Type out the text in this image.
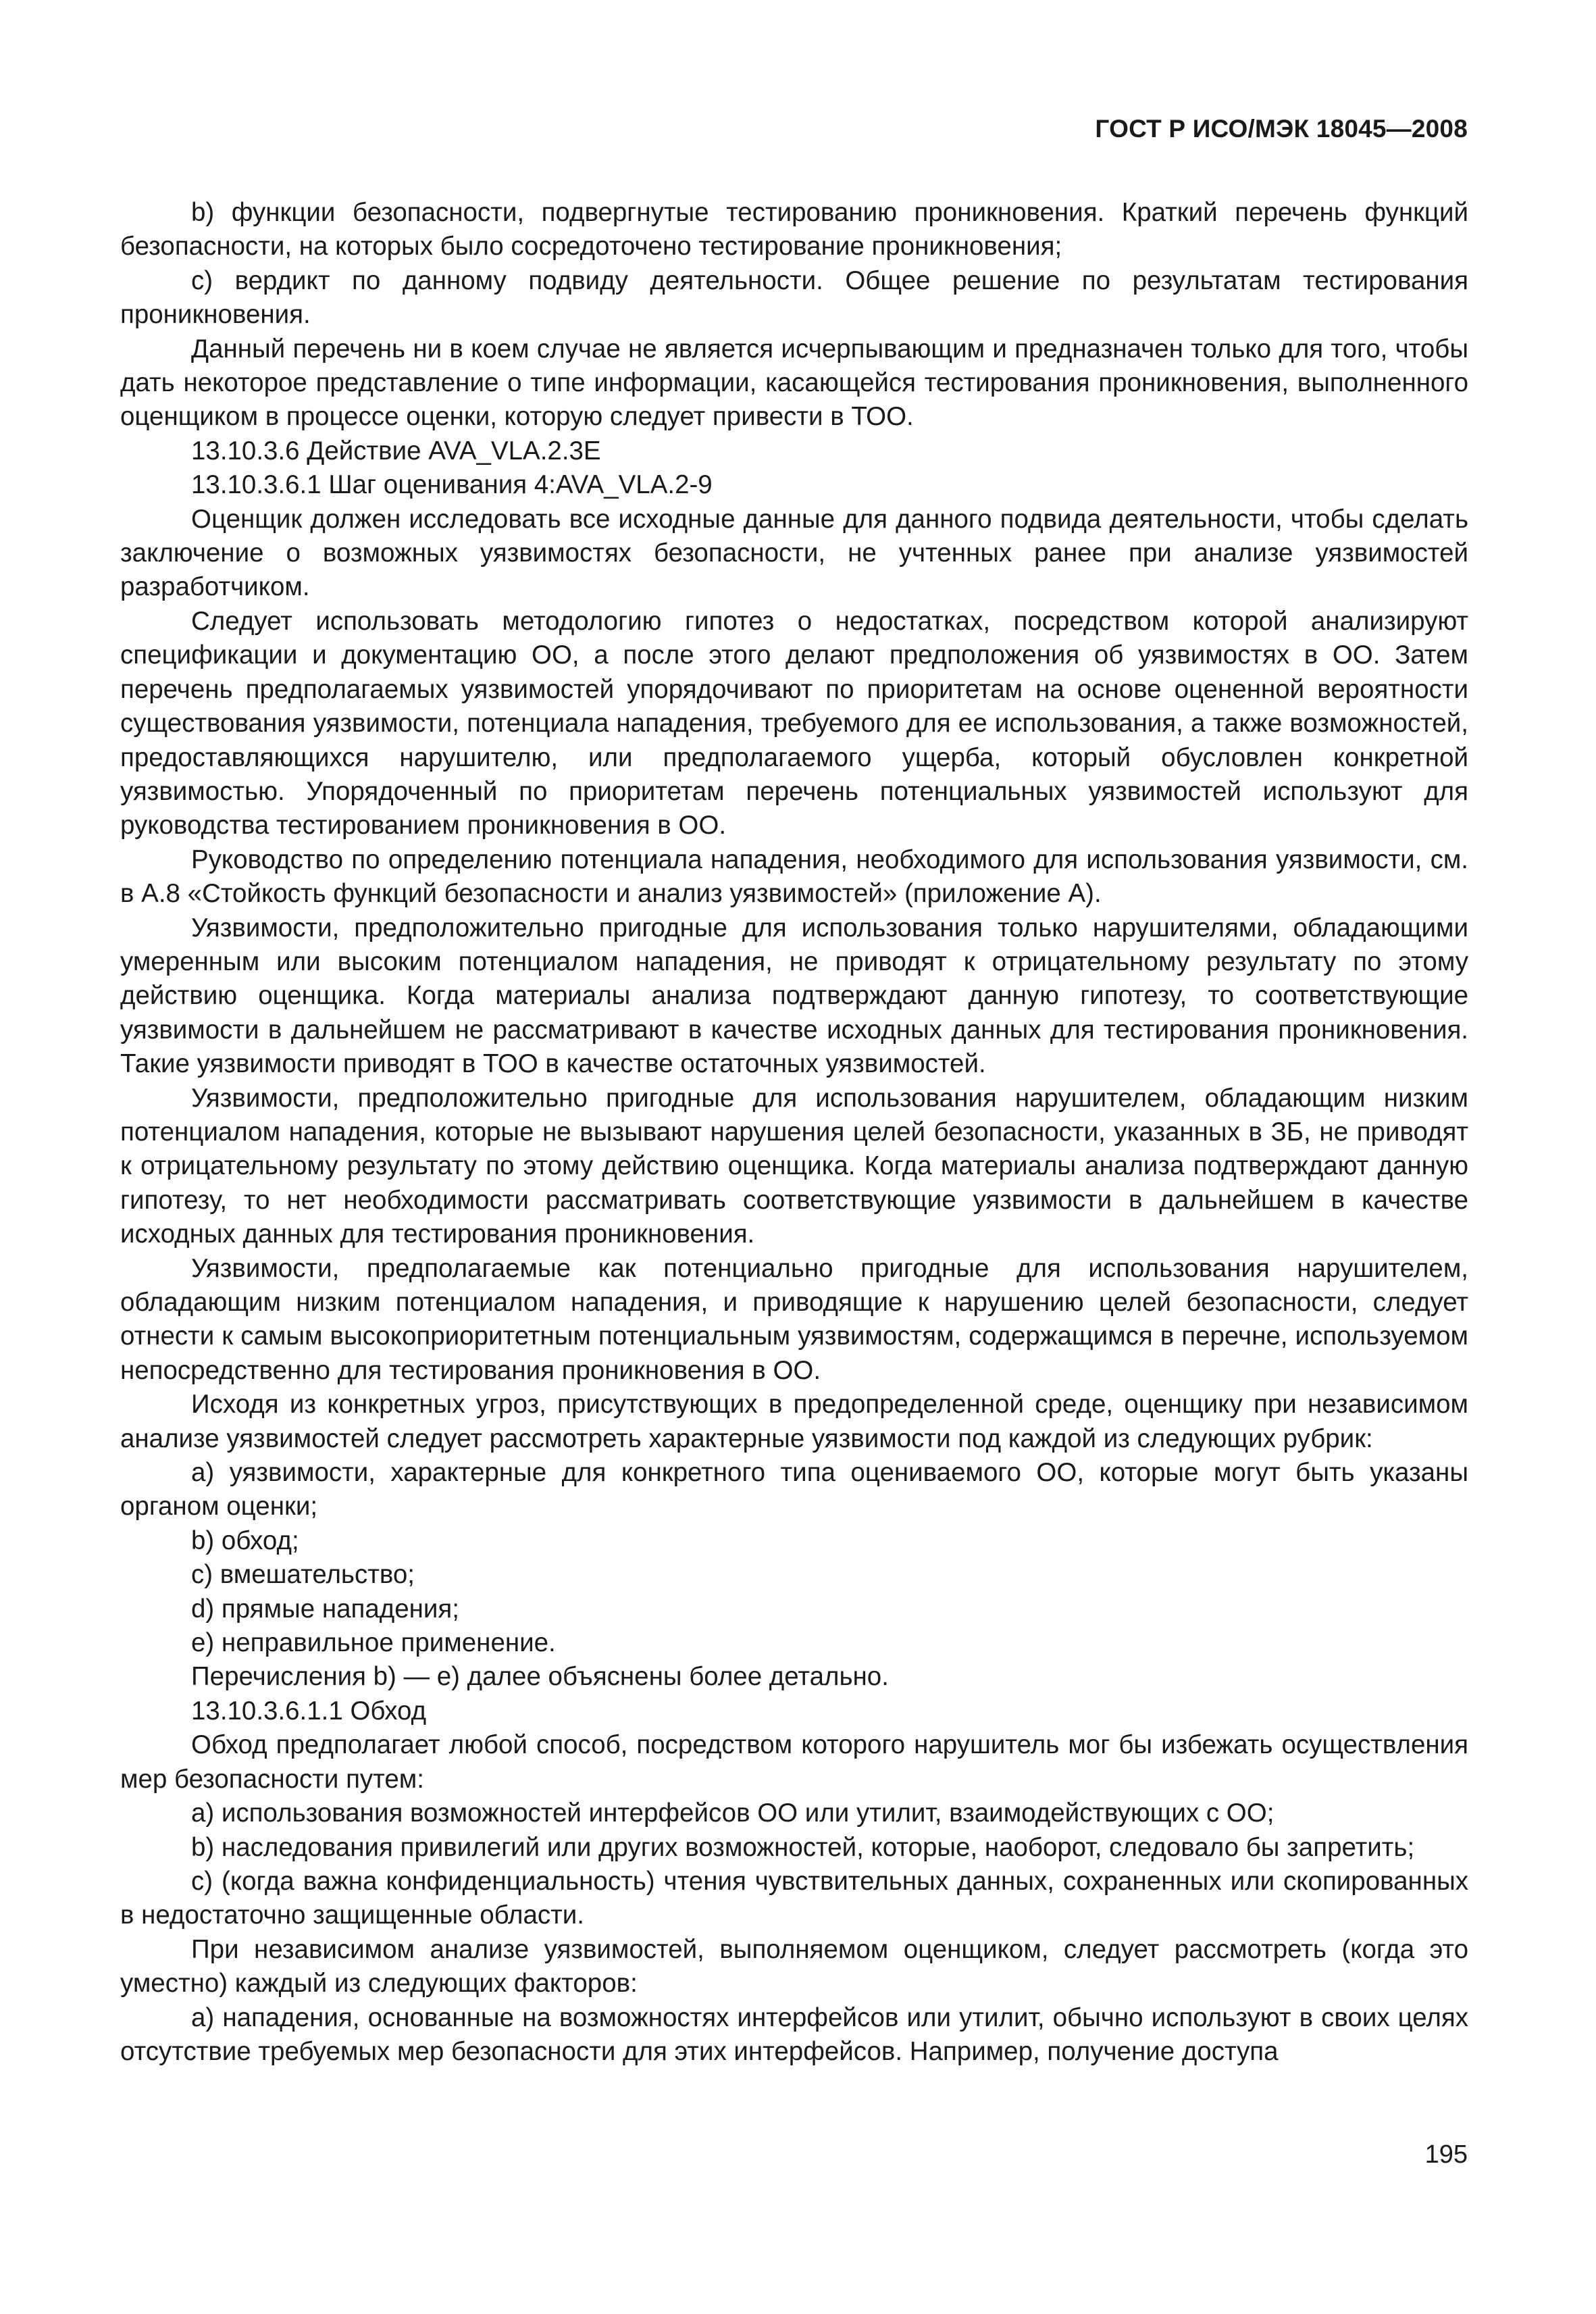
ГОСТ Р ИСО/МЭК 18045—2008

b) функции безопасности, подвергнутые тестированию проникновения. Краткий перечень функций безопасности, на которых было сосредоточено тестирование проникновения;

c) вердикт по данному подвиду деятельности. Общее решение по результатам тестирования проникновения.

Данный перечень ни в коем случае не является исчерпывающим и предназначен только для того, чтобы дать некоторое представление о типе информации, касающейся тестирования проникновения, выполненного оценщиком в процессе оценки, которую следует привести в ТОО.

13.10.3.6 Действие AVA_VLA.2.3E

13.10.3.6.1 Шаг оценивания 4:AVA_VLA.2-9

Оценщик должен исследовать все исходные данные для данного подвида деятельности, чтобы сделать заключение о возможных уязвимостях безопасности, не учтенных ранее при анализе уязвимостей разработчиком.

Следует использовать методологию гипотез о недостатках, посредством которой анализируют спецификации и документацию ОО, а после этого делают предположения об уязвимостях в ОО. Затем перечень предполагаемых уязвимостей упорядочивают по приоритетам на основе оцененной вероятности существования уязвимости, потенциала нападения, требуемого для ее использования, а также возможностей, предоставляющихся нарушителю, или предполагаемого ущерба, который обусловлен конкретной уязвимостью. Упорядоченный по приоритетам перечень потенциальных уязвимостей используют для руководства тестированием проникновения в ОО.

Руководство по определению потенциала нападения, необходимого для использования уязвимости, см. в А.8 «Стойкость функций безопасности и анализ уязвимостей» (приложение А).

Уязвимости, предположительно пригодные для использования только нарушителями, обладающими умеренным или высоким потенциалом нападения, не приводят к отрицательному результату по этому действию оценщика. Когда материалы анализа подтверждают данную гипотезу, то соответствующие уязвимости в дальнейшем не рассматривают в качестве исходных данных для тестирования проникновения. Такие уязвимости приводят в ТОО в качестве остаточных уязвимостей.

Уязвимости, предположительно пригодные для использования нарушителем, обладающим низким потенциалом нападения, которые не вызывают нарушения целей безопасности, указанных в ЗБ, не приводят к отрицательному результату по этому действию оценщика. Когда материалы анализа подтверждают данную гипотезу, то нет необходимости рассматривать соответствующие уязвимости в дальнейшем в качестве исходных данных для тестирования проникновения.

Уязвимости, предполагаемые как потенциально пригодные для использования нарушителем, обладающим низким потенциалом нападения, и приводящие к нарушению целей безопасности, следует отнести к самым высокоприоритетным потенциальным уязвимостям, содержащимся в перечне, используемом непосредственно для тестирования проникновения в ОО.

Исходя из конкретных угроз, присутствующих в предопределенной среде, оценщику при независимом анализе уязвимостей следует рассмотреть характерные уязвимости под каждой из следующих рубрик:

a) уязвимости, характерные для конкретного типа оцениваемого ОО, которые могут быть указаны органом оценки;

b) обход;

c) вмешательство;

d) прямые нападения;

e) неправильное применение.

Перечисления b) — e) далее объяснены более детально.

13.10.3.6.1.1 Обход

Обход предполагает любой способ, посредством которого нарушитель мог бы избежать осуществления мер безопасности путем:

a) использования возможностей интерфейсов ОО или утилит, взаимодействующих с ОО;

b) наследования привилегий или других возможностей, которые, наоборот, следовало бы запретить;

c) (когда важна конфиденциальность) чтения чувствительных данных, сохраненных или скопированных в недостаточно защищенные области.

При независимом анализе уязвимостей, выполняемом оценщиком, следует рассмотреть (когда это уместно) каждый из следующих факторов:

a) нападения, основанные на возможностях интерфейсов или утилит, обычно используют в своих целях отсутствие требуемых мер безопасности для этих интерфейсов. Например, получение доступа

195
